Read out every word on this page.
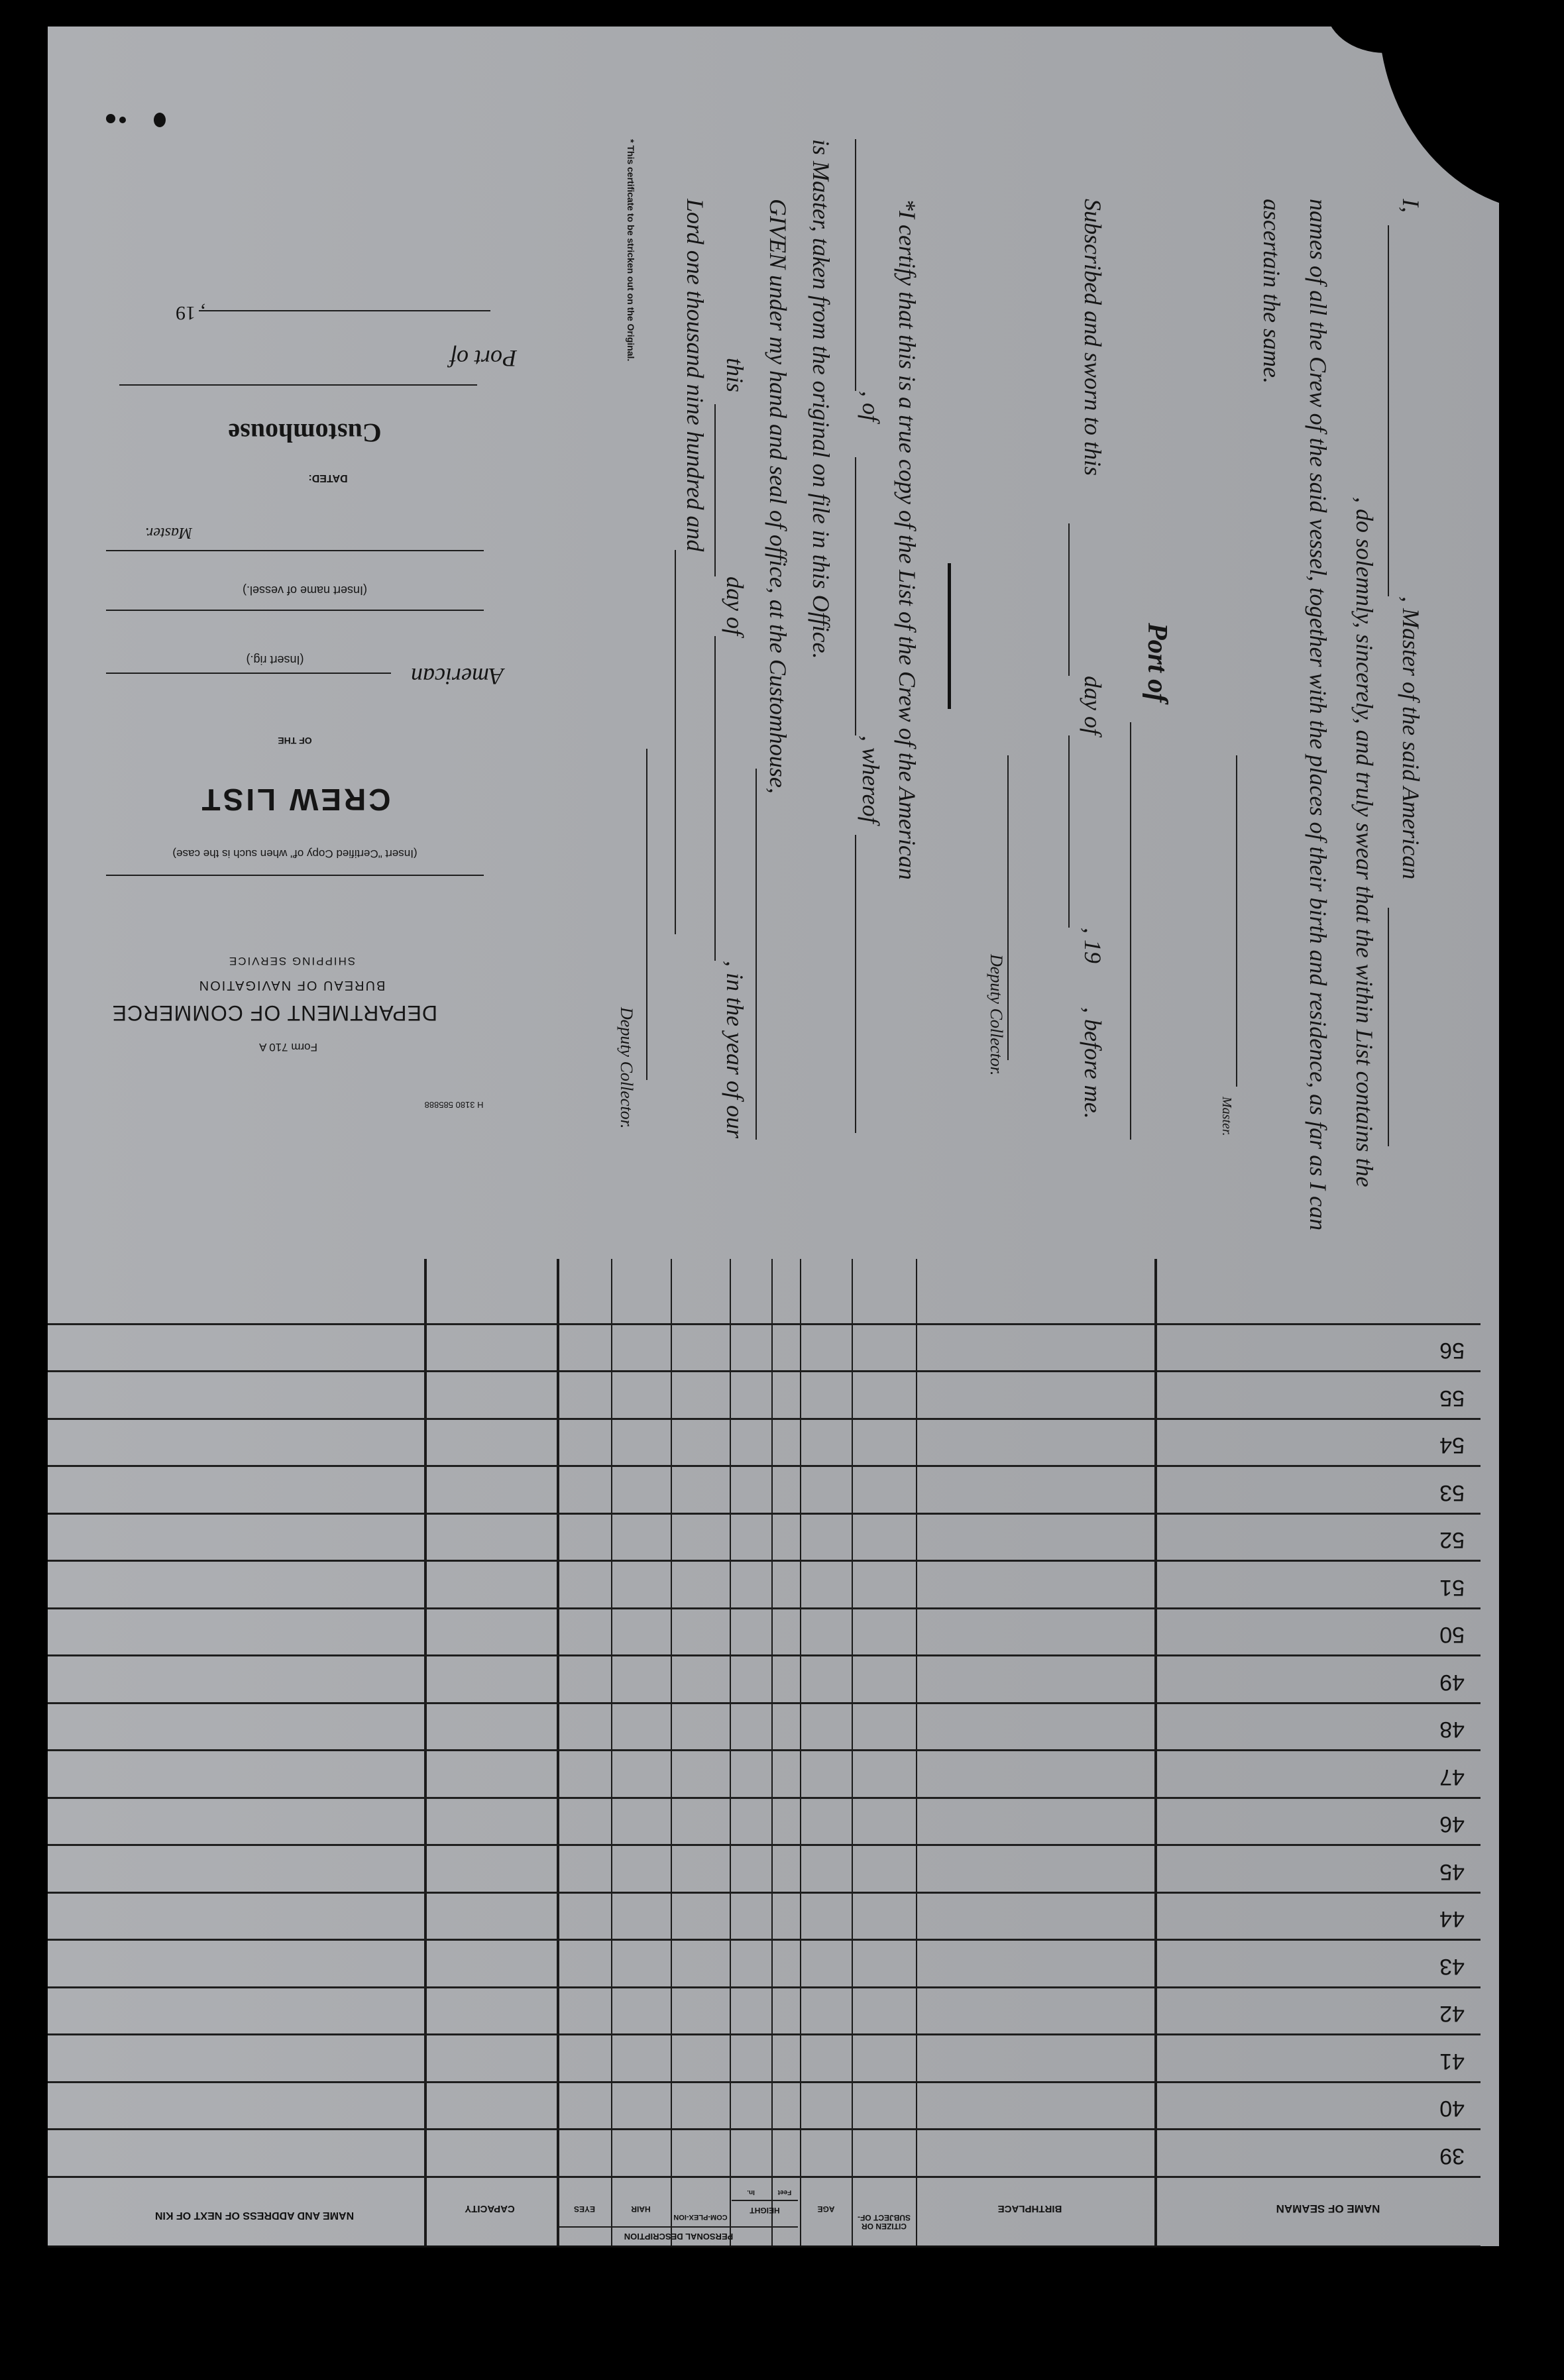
I,
, Master of the said American
, do solemnly, sincerely, and truly swear that the within List contains the
names of all the Crew of the said vessel, together with the places of their birth and residence, as far as I can
ascertain the same.
Master.
Port of
Subscribed and sworn to this
day of
, 19
, before me.
Deputy Collector.
*I certify that this is a true copy of the List of the Crew of the American
, of
, whereof
is Master, taken from the original on file in this Office.
GIVEN under my hand and seal of office, at the Customhouse,
this
day of
, in the year of our
Lord one thousand nine hundred and
Deputy Collector.
* This certificate to be stricken out on the Original.
Port of
Customhouse
, 19
DATED:
Master.
(Insert name of vessel.)
American
(Insert rig.)
OF THE
CREW LIST
(Insert "Certified Copy of" when such is the case)
DEPARTMENT OF COMMERCE
BUREAU OF NAVIGATION
SHIPPING SERVICE
Form 710 A
H 3180 585888
NAME OF SEAMAN
BIRTHPLACE
CITIZEN OR SUBJECT OF-
AGE
PERSONAL DESCRIPTION
HEIGHT
Feet
In.
COM-PLEX-ION
HAIR
EYES
CAPACITY
NAME AND ADDRESS OF NEXT OF KIN
39
40
41
42
43
44
45
46
47
48
49
50
51
52
53
54
55
56
